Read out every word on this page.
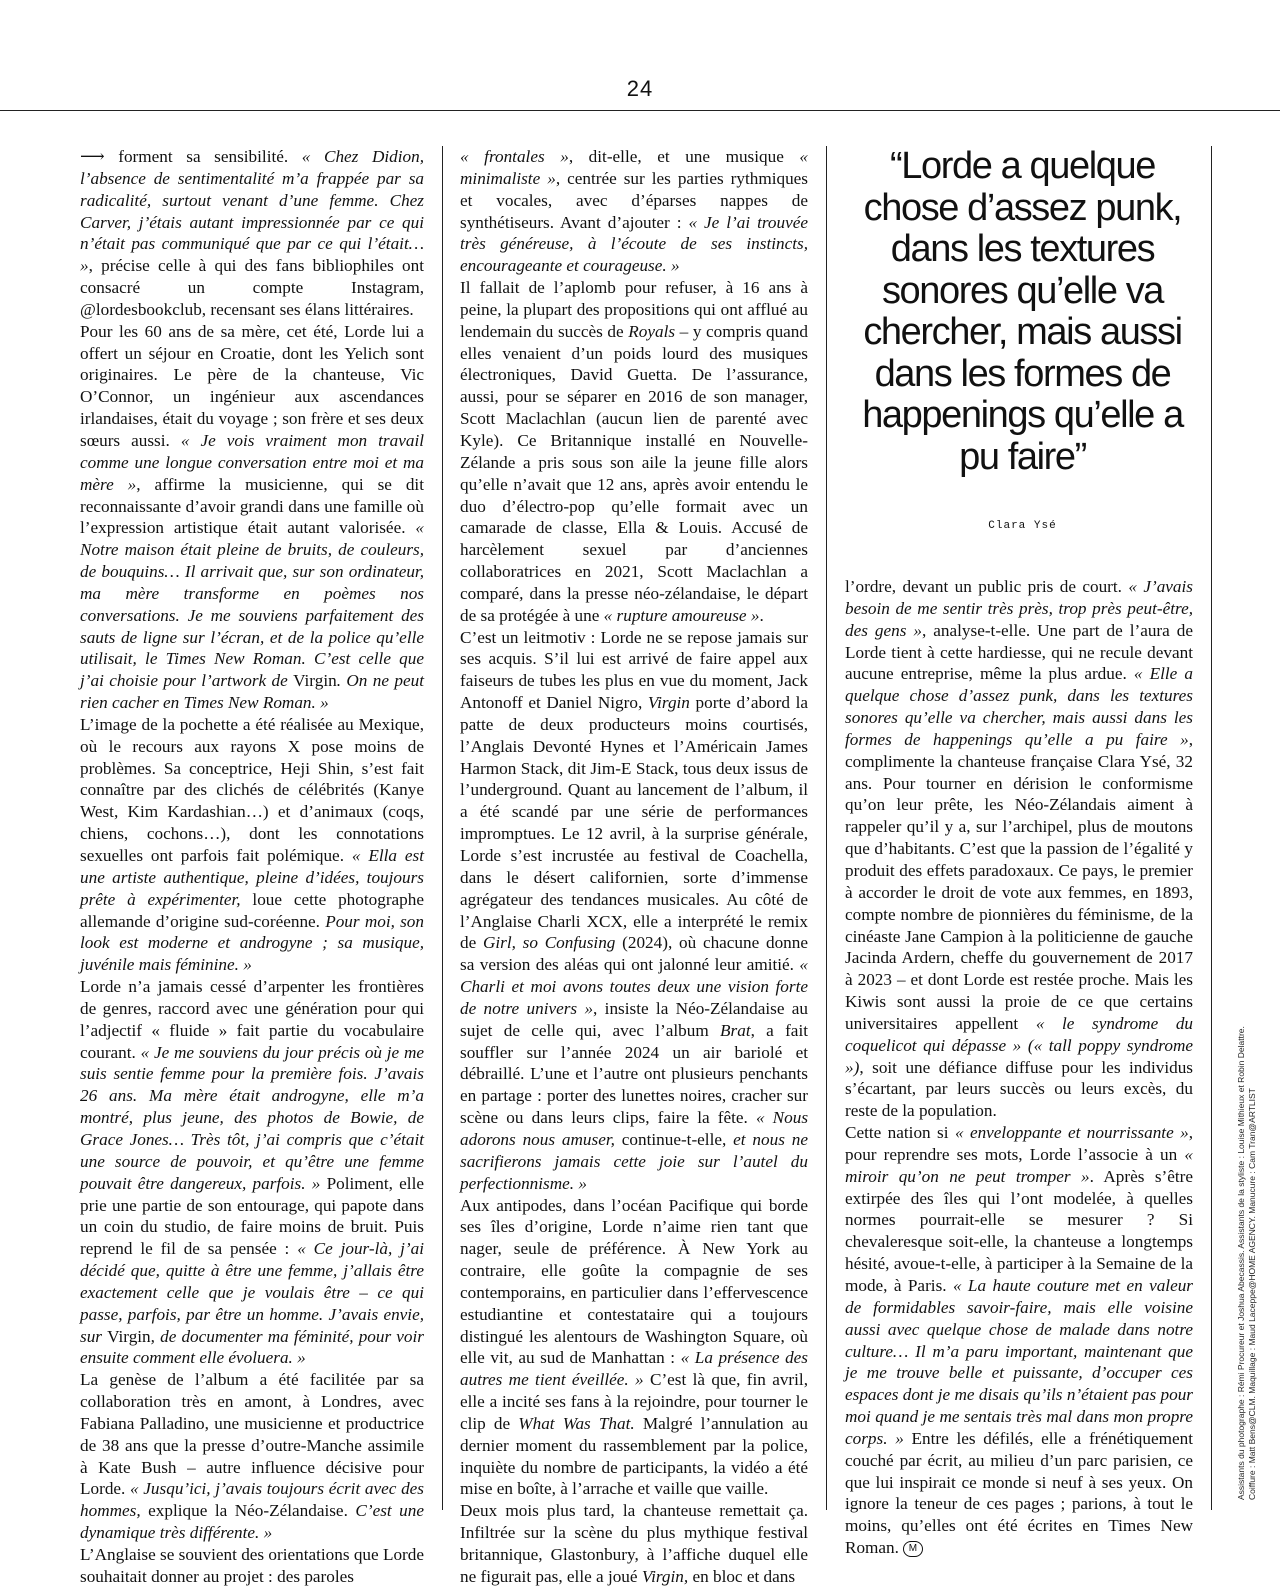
24

⟶ forment sa sensibilité. « Chez Didion, l’absence de sentimentalité m’a frappée par sa radicalité, surtout venant d’une femme. Chez Carver, j’étais autant impressionnée par ce qui n’était pas communiqué que par ce qui l’était… », précise celle à qui des fans bibliophiles ont consacré un compte Instagram, @lordesbookclub, recensant ses élans littéraires.

Pour les 60 ans de sa mère, cet été, Lorde lui a offert un séjour en Croatie, dont les Yelich sont originaires. Le père de la chanteuse, Vic O’Connor, un ingénieur aux ascendances irlandaises, était du voyage ; son frère et ses deux sœurs aussi. « Je vois vraiment mon travail comme une longue conversation entre moi et ma mère », affirme la musicienne, qui se dit reconnaissante d’avoir grandi dans une famille où l’expression artistique était autant valorisée. « Notre maison était pleine de bruits, de couleurs, de bouquins… Il arrivait que, sur son ordinateur, ma mère transforme en poèmes nos conversations. Je me souviens parfaitement des sauts de ligne sur l’écran, et de la police qu’elle utilisait, le Times New Roman. C’est celle que j’ai choisie pour l’artwork de Virgin. On ne peut rien cacher en Times New Roman. »

L’image de la pochette a été réalisée au Mexique, où le recours aux rayons X pose moins de problèmes. Sa conceptrice, Heji Shin, s’est fait connaître par des clichés de célébrités (Kanye West, Kim Kardashian…) et d’animaux (coqs, chiens, cochons…), dont les connotations sexuelles ont parfois fait polémique. « Ella est une artiste authentique, pleine d’idées, toujours prête à expérimenter, loue cette photographe allemande d’origine sud-coréenne. Pour moi, son look est moderne et androgyne ; sa musique, juvénile mais féminine. »

Lorde n’a jamais cessé d’arpenter les frontières de genres, raccord avec une génération pour qui l’adjectif « fluide » fait partie du vocabulaire courant. « Je me souviens du jour précis où je me suis sentie femme pour la première fois. J’avais 26 ans. Ma mère était androgyne, elle m’a montré, plus jeune, des photos de Bowie, de Grace Jones… Très tôt, j’ai compris que c’était une source de pouvoir, et qu’être une femme pouvait être dangereux, parfois. » Poliment, elle prie une partie de son entourage, qui papote dans un coin du studio, de faire moins de bruit. Puis reprend le fil de sa pensée : « Ce jour-là, j’ai décidé que, quitte à être une femme, j’allais être exactement celle que je voulais être – ce qui passe, parfois, par être un homme. J’avais envie, sur Virgin, de documenter ma féminité, pour voir ensuite comment elle évoluera. »

La genèse de l’album a été facilitée par sa collaboration très en amont, à Londres, avec Fabiana Palladino, une musicienne et productrice de 38 ans que la presse d’outre-Manche assimile à Kate Bush – autre influence décisive pour Lorde. « Jusqu’ici, j’avais toujours écrit avec des hommes, explique la Néo-Zélandaise. C’est une dynamique très différente. »

L’Anglaise se souvient des orientations que Lorde souhaitait donner au projet : des paroles

« frontales », dit-elle, et une musique « minimaliste », centrée sur les parties rythmiques et vocales, avec d’éparses nappes de synthétiseurs. Avant d’ajouter : « Je l’ai trouvée très généreuse, à l’écoute de ses instincts, encourageante et courageuse. »

Il fallait de l’aplomb pour refuser, à 16 ans à peine, la plupart des propositions qui ont afflué au lendemain du succès de Royals – y compris quand elles venaient d’un poids lourd des musiques électroniques, David Guetta. De l’assurance, aussi, pour se séparer en 2016 de son manager, Scott Maclachlan (aucun lien de parenté avec Kyle). Ce Britannique installé en Nouvelle-Zélande a pris sous son aile la jeune fille alors qu’elle n’avait que 12 ans, après avoir entendu le duo d’électro-pop qu’elle formait avec un camarade de classe, Ella & Louis. Accusé de harcèlement sexuel par d’anciennes collaboratrices en 2021, Scott Maclachlan a comparé, dans la presse néo-zélandaise, le départ de sa protégée à une « rupture amoureuse ».

C’est un leitmotiv : Lorde ne se repose jamais sur ses acquis. S’il lui est arrivé de faire appel aux faiseurs de tubes les plus en vue du moment, Jack Antonoff et Daniel Nigro, Virgin porte d’abord la patte de deux producteurs moins courtisés, l’Anglais Devonté Hynes et l’Américain James Harmon Stack, dit Jim-E Stack, tous deux issus de l’underground. Quant au lancement de l’album, il a été scandé par une série de performances impromptues. Le 12 avril, à la surprise générale, Lorde s’est incrustée au festival de Coachella, dans le désert californien, sorte d’immense agrégateur des tendances musicales. Au côté de l’Anglaise Charli XCX, elle a interprété le remix de Girl, so Confusing (2024), où chacune donne sa version des aléas qui ont jalonné leur amitié. « Charli et moi avons toutes deux une vision forte de notre univers », insiste la Néo-Zélandaise au sujet de celle qui, avec l’album Brat, a fait souffler sur l’année 2024 un air bariolé et débraillé. L’une et l’autre ont plusieurs penchants en partage : porter des lunettes noires, cracher sur scène ou dans leurs clips, faire la fête. « Nous adorons nous amuser, continue-t-elle, et nous ne sacrifierons jamais cette joie sur l’autel du perfectionnisme. »

Aux antipodes, dans l’océan Pacifique qui borde ses îles d’origine, Lorde n’aime rien tant que nager, seule de préférence. À New York au contraire, elle goûte la compagnie de ses contemporains, en particulier dans l’effervescence estudiantine et contestataire qui a toujours distingué les alentours de Washington Square, où elle vit, au sud de Manhattan : « La présence des autres me tient éveillée. » C’est là que, fin avril, elle a incité ses fans à la rejoindre, pour tourner le clip de What Was That. Malgré l’annulation au dernier moment du rassemblement par la police, inquiète du nombre de participants, la vidéo a été mise en boîte, à l’arrache et vaille que vaille.

Deux mois plus tard, la chanteuse remettait ça. Infiltrée sur la scène du plus mythique festival britannique, Glastonbury, à l’affiche duquel elle ne figurait pas, elle a joué Virgin, en bloc et dans

“Lorde a quelque chose d’assez punk, dans les textures sonores qu’elle va chercher, mais aussi dans les formes de happenings qu’elle a pu faire”
Clara Ysé

l’ordre, devant un public pris de court. « J’avais besoin de me sentir très près, trop près peut-être, des gens », analyse-t-elle. Une part de l’aura de Lorde tient à cette hardiesse, qui ne recule devant aucune entreprise, même la plus ardue. « Elle a quelque chose d’assez punk, dans les textures sonores qu’elle va chercher, mais aussi dans les formes de happenings qu’elle a pu faire », complimente la chanteuse française Clara Ysé, 32 ans. Pour tourner en dérision le conformisme qu’on leur prête, les Néo-Zélandais aiment à rappeler qu’il y a, sur l’archipel, plus de moutons que d’habitants. C’est que la passion de l’égalité y produit des effets paradoxaux. Ce pays, le premier à accorder le droit de vote aux femmes, en 1893, compte nombre de pionnières du féminisme, de la cinéaste Jane Campion à la politicienne de gauche Jacinda Ardern, cheffe du gouvernement de 2017 à 2023 – et dont Lorde est restée proche. Mais les Kiwis sont aussi la proie de ce que certains universitaires appellent « le syndrome du coquelicot qui dépasse » (« tall poppy syndrome »), soit une défiance diffuse pour les individus s’écartant, par leurs succès ou leurs excès, du reste de la population.

Cette nation si « enveloppante et nourrissante », pour reprendre ses mots, Lorde l’associe à un « miroir qu’on ne peut tromper ». Après s’être extirpée des îles qui l’ont modelée, à quelles normes pourrait-elle se mesurer ? Si chevaleresque soit-elle, la chanteuse a longtemps hésité, avoue-t-elle, à participer à la Semaine de la mode, à Paris. « La haute couture met en valeur de formidables savoir-faire, mais elle voisine aussi avec quelque chose de malade dans notre culture… Il m’a paru important, maintenant que je me trouve belle et puissante, d’occuper ces espaces dont je me disais qu’ils n’étaient pas pour moi quand je me sentais très mal dans mon propre corps. » Entre les défilés, elle a frénétiquement couché par écrit, au milieu d’un parc parisien, ce que lui inspirait ce monde si neuf à ses yeux. On ignore la teneur de ces pages ; parions, à tout le moins, qu’elles ont été écrites en Times New Roman. M

Assistants du photographe : Rémi Procureur et Joshua Abecassis. Assistants de la styliste : Louise Mithieux et Robin Delattre. Coiffure : Matt Bens@CLM. Maquillage : Maud Laceppe@HOME AGENCY. Manucure : Cam Tran@ARTLIST
